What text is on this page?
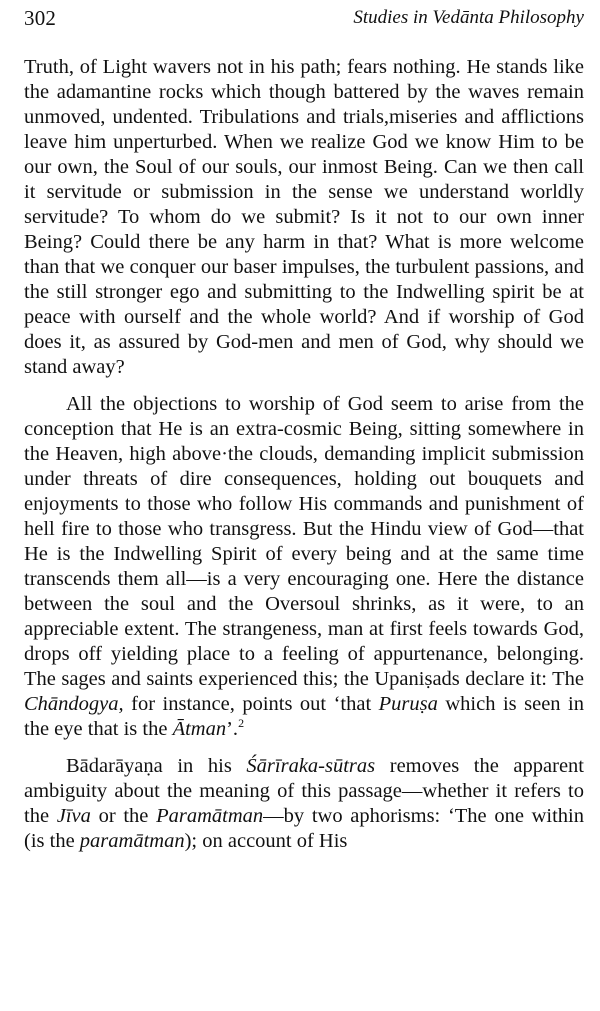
302	Studies in Vedānta Philosophy

Truth, of Light wavers not in his path; fears nothing. He stands like the adamantine rocks which though battered by the waves remain unmoved, undented. Tribulations and trials,miseries and afflictions leave him unperturbed. When we realize God we know Him to be our own, the Soul of our souls, our inmost Being. Can we then call it servitude or submission in the sense we understand worldly servitude? To whom do we submit? Is it not to our own inner Being? Could there be any harm in that? What is more welcome than that we conquer our baser impulses, the turbulent passions, and the still stronger ego and submitting to the Indwelling spirit be at peace with ourself and the whole world? And if worship of God does it, as assured by God-men and men of God, why should we stand away?

All the objections to worship of God seem to arise from the conception that He is an extra-cosmic Being, sitting somewhere in the Heaven, high above·the clouds, demanding implicit submission under threats of dire consequences, holding out bouquets and enjoyments to those who follow His commands and punishment of hell fire to those who transgress. But the Hindu view of God—that He is the Indwelling Spirit of every being and at the same time transcends them all—is a very encouraging one. Here the distance between the soul and the Oversoul shrinks, as it were, to an appreciable extent. The strangeness, man at first feels towards God, drops off yielding place to a feeling of appurtenance, belonging. The sages and saints experienced this; the Upaniṣads declare it: The Chāndogya, for instance, points out ‘that Puruṣa which is seen in the eye that is the Ātman’.$^2$

Bādarāyaṇa in his Śārīraka-sūtras removes the apparent ambiguity about the meaning of this passage—whether it refers to the Jīva or the Paramātman—by two aphorisms: ‘The one within (is the paramātman); on account of His
